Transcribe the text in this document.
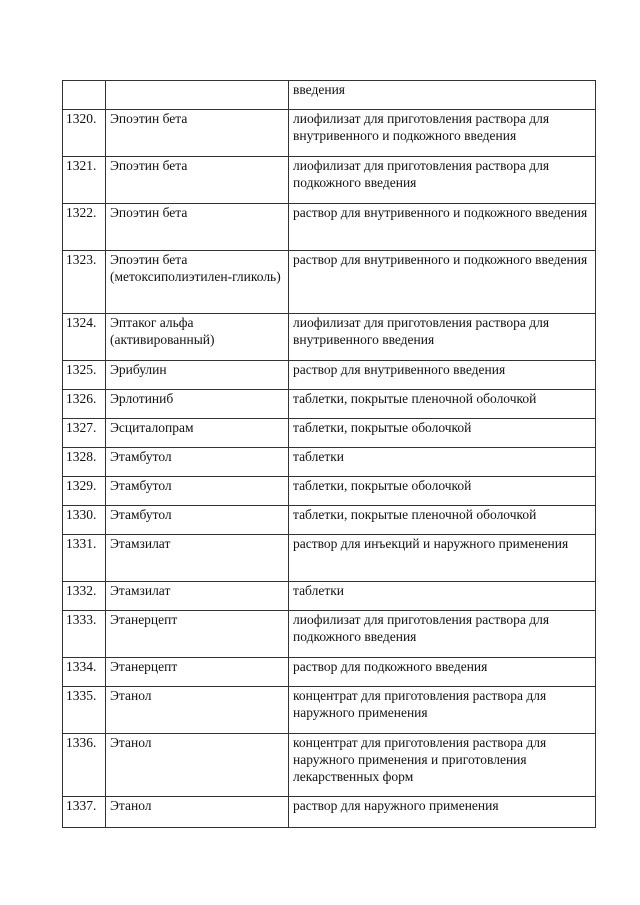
		введения
1320.	Эпоэтин бета	лиофилизат для приготовления раствора для внутривенного и подкожного введения
1321.	Эпоэтин бета	лиофилизат для приготовления раствора для подкожного введения
1322.	Эпоэтин бета	раствор для внутривенного и подкожного введения
1323.	Эпоэтин бета (метоксиполиэтилен-гликоль)	раствор для внутривенного и подкожного введения
1324.	Эптаког альфа (активированный)	лиофилизат для приготовления раствора для внутривенного введения
1325.	Эрибулин	раствор для внутривенного введения
1326.	Эрлотиниб	таблетки, покрытые пленочной оболочкой
1327.	Эсциталопрам	таблетки, покрытые оболочкой
1328.	Этамбутол	таблетки
1329.	Этамбутол	таблетки, покрытые оболочкой
1330.	Этамбутол	таблетки, покрытые пленочной оболочкой
1331.	Этамзилат	раствор для инъекций и наружного применения
1332.	Этамзилат	таблетки
1333.	Этанерцепт	лиофилизат для приготовления раствора для подкожного введения
1334.	Этанерцепт	раствор для подкожного введения
1335.	Этанол	концентрат для приготовления раствора для наружного применения
1336.	Этанол	концентрат для приготовления раствора для наружного применения и приготовления лекарственных форм
1337.	Этанол	раствор для наружного применения
